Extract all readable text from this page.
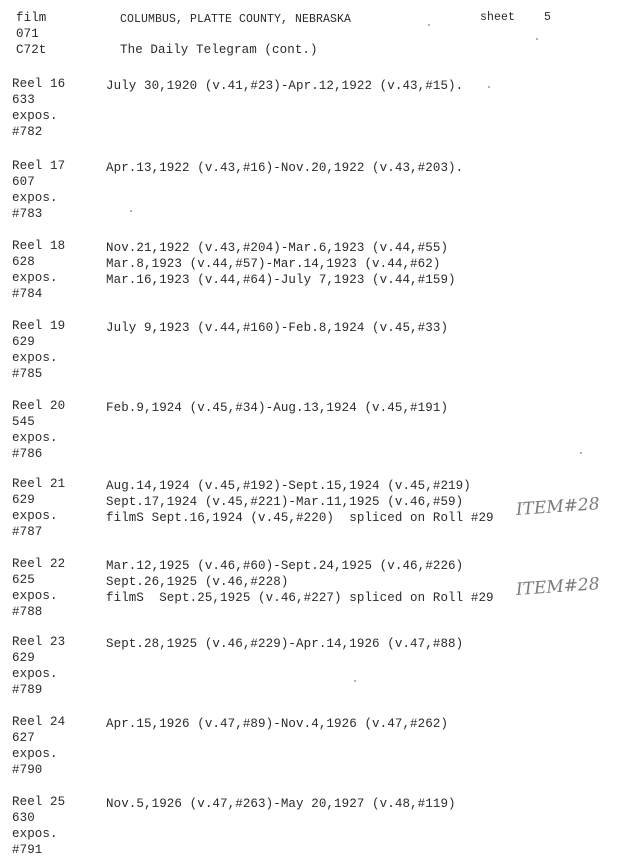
film
071
C72t
COLUMBUS, PLATTE COUNTY, NEBRASKA	sheet	5
The Daily Telegram (cont.)
Reel 16
633
expos.
#782
July 30,1920 (v.41,#23)-Apr.12,1922 (v.43,#15).
Reel 17
607
expos.
#783
Apr.13,1922 (v.43,#16)-Nov.20,1922 (v.43,#203).
Reel 18
628
expos.
#784
Nov.21,1922 (v.43,#204)-Mar.6,1923 (v.44,#55)
Mar.8,1923 (v.44,#57)-Mar.14,1923 (v.44,#62)
Mar.16,1923 (v.44,#64)-July 7,1923 (v.44,#159)
Reel 19
629
expos.
#785
July 9,1923 (v.44,#160)-Feb.8,1924 (v.45,#33)
Reel 20
545
expos.
#786
Feb.9,1924 (v.45,#34)-Aug.13,1924 (v.45,#191)
Reel 21
629
expos.
#787
Aug.14,1924 (v.45,#192)-Sept.15,1924 (v.45,#219)
Sept.17,1924 (v.45,#221)-Mar.11,1925 (v.46,#59)
filmS Sept.16,1924 (v.45,#220)  spliced on Roll #29 ITEM#28
Reel 22
625
expos.
#788
Mar.12,1925 (v.46,#60)-Sept.24,1925 (v.46,#226)
Sept.26,1925 (v.46,#228)
filmS  Sept.25,1925 (v.46,#227) spliced on Roll #29 ITEM#28
Reel 23
629
expos.
#789
Sept.28,1925 (v.46,#229)-Apr.14,1926 (v.47,#88)
Reel 24
627
expos.
#790
Apr.15,1926 (v.47,#89)-Nov.4,1926 (v.47,#262)
Reel 25
630
expos.
#791
Nov.5,1926 (v.47,#263)-May 20,1927 (v.48,#119)
